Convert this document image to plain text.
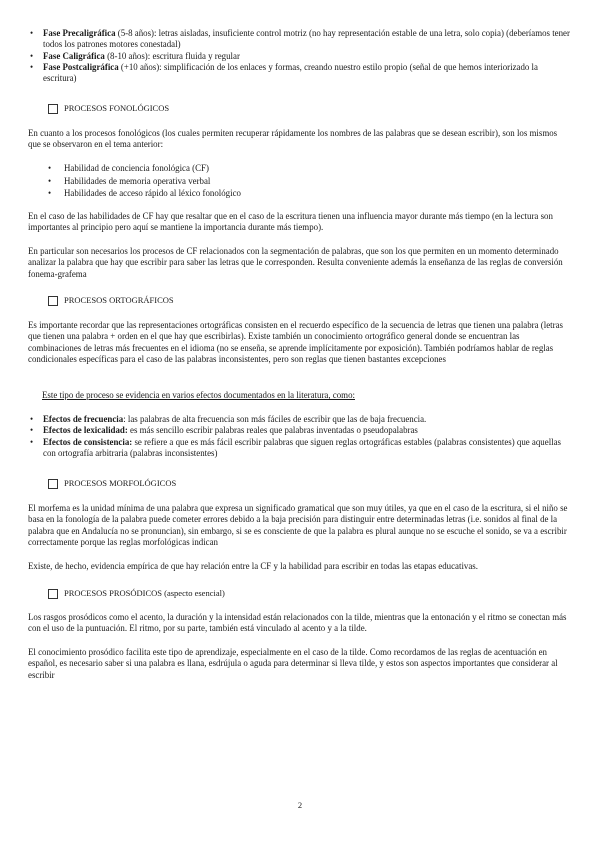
• Fase Precaligráfica (5-8 años): letras aisladas, insuficiente control motriz (no hay representación estable de una letra, solo copia) (deberíamos tener todos los patrones motores conestadal)
• Fase Caligráfica (8-10 años): escritura fluida y regular
• Fase Postcaligráfica (+10 años): simplificación de los enlaces y formas, creando nuestro estilo propio (señal de que hemos interiorizado la escritura)
PROCESOS FONOLÓGICOS

En cuanto a los procesos fonológicos (los cuales permiten recuperar rápidamente los nombres de las palabras que se desean escribir), son los mismos que se observaron en el tema anterior:

• Habilidad de conciencia fonológica (CF)
• Habilidades de memoria operativa verbal
• Habilidades de acceso rápido al léxico fonológico

En el caso de las habilidades de CF hay que resaltar que en el caso de la escritura tienen una influencia mayor durante más tiempo (en la lectura son importantes al principio pero aquí se mantiene la importancia durante más tiempo).

En particular son necesarios los procesos de CF relacionados con la segmentación de palabras, que son los que permiten en un momento determinado analizar la palabra que hay que escribir para saber las letras que le corresponden. Resulta conveniente además la enseñanza de las reglas de conversión fonema-grafema

PROCESOS ORTOGRÁFICOS

Es importante recordar que las representaciones ortográficas consisten en el recuerdo específico de la secuencia de letras que tienen una palabra (letras que tienen una palabra + orden en el que hay que escribirlas). Existe también un conocimiento ortográfico general donde se encuentran las combinaciones de letras más frecuentes en el idioma (no se enseña, se aprende implícitamente por exposición). También podríamos hablar de reglas condicionales específicas para el caso de las palabras inconsistentes, pero son reglas que tienen bastantes excepciones

Este tipo de proceso se evidencia en varios efectos documentados en la literatura, como:

• Efectos de frecuencia: las palabras de alta frecuencia son más fáciles de escribir que las de baja frecuencia.
• Efectos de lexicalidad: es más sencillo escribir palabras reales que palabras inventadas o pseudopalabras
• Efectos de consistencia: se refiere a que es más fácil escribir palabras que siguen reglas ortográficas estables (palabras consistentes) que aquellas con ortografía arbitraria (palabras inconsistentes)
PROCESOS MORFOLÓGICOS

El morfema es la unidad mínima de una palabra que expresa un significado gramatical que son muy útiles, ya que en el caso de la escritura, si el niño se basa en la fonología de la palabra puede cometer errores debido a la baja precisión para distinguir entre determinadas letras (i.e. sonidos al final de la palabra que en Andalucía no se pronuncian), sin embargo, si se es consciente de que la palabra es plural aunque no se escuche el sonido, se va a escribir correctamente porque las reglas morfológicas indican

Existe, de hecho, evidencia empírica de que hay relación entre la CF y la habilidad para escribir en todas las etapas educativas.

PROCESOS PROSÓDICOS (aspecto esencial)

Los rasgos prosódicos como el acento, la duración y la intensidad están relacionados con la tilde, mientras que la entonación y el ritmo se conectan más con el uso de la puntuación. El ritmo, por su parte, también está vinculado al acento y a la tilde.

El conocimiento prosódico facilita este tipo de aprendizaje, especialmente en el caso de la tilde. Como recordamos de las reglas de acentuación en español, es necesario saber si una palabra es llana, esdrújula o aguda para determinar si lleva tilde, y estos son aspectos importantes que considerar al escribir

2
